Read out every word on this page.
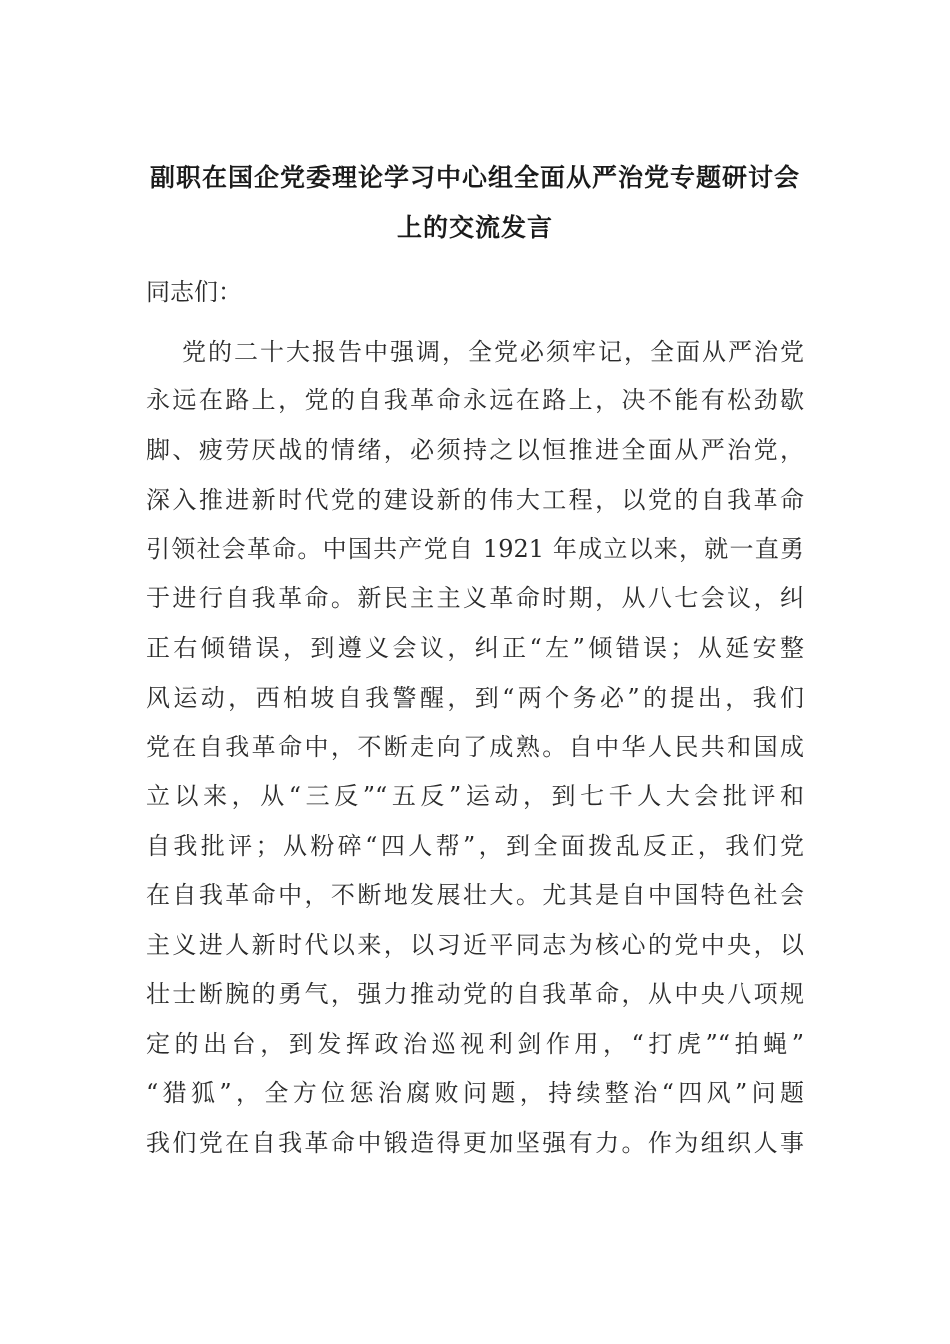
副职在国企党委理论学习中心组全面从严治党专题研讨会
上的交流发言
同志们：
党的二十大报告中强调，全党必须牢记，全面从严治党
永远在路上，党的自我革命永远在路上，决不能有松劲歇
脚、疲劳厌战的情绪，必须持之以恒推进全面从严治党，
深入推进新时代党的建设新的伟大工程，以党的自我革命
引领社会革命。中国共产党自 1921 年成立以来，就一直勇
于进行自我革命。新民主主义革命时期，从八七会议，纠
正右倾错误，到遵义会议，纠正“左”倾错误；从延安整
风运动，西柏坡自我警醒，到“两个务必”的提出，我们
党在自我革命中，不断走向了成熟。自中华人民共和国成
立以来，从“三反”“五反”运动，到七千人大会批评和
自我批评；从粉碎“四人帮”，到全面拨乱反正，我们党
在自我革命中，不断地发展壮大。尤其是自中国特色社会
主义进人新时代以来，以习近平同志为核心的党中央，以
壮士断腕的勇气，强力推动党的自我革命，从中央八项规
定的出台，到发挥政治巡视利剑作用，“打虎”“拍蝇”
“猎狐”，全方位惩治腐败问题，持续整治“四风”问题
我们党在自我革命中锻造得更加坚强有力。作为组织人事
